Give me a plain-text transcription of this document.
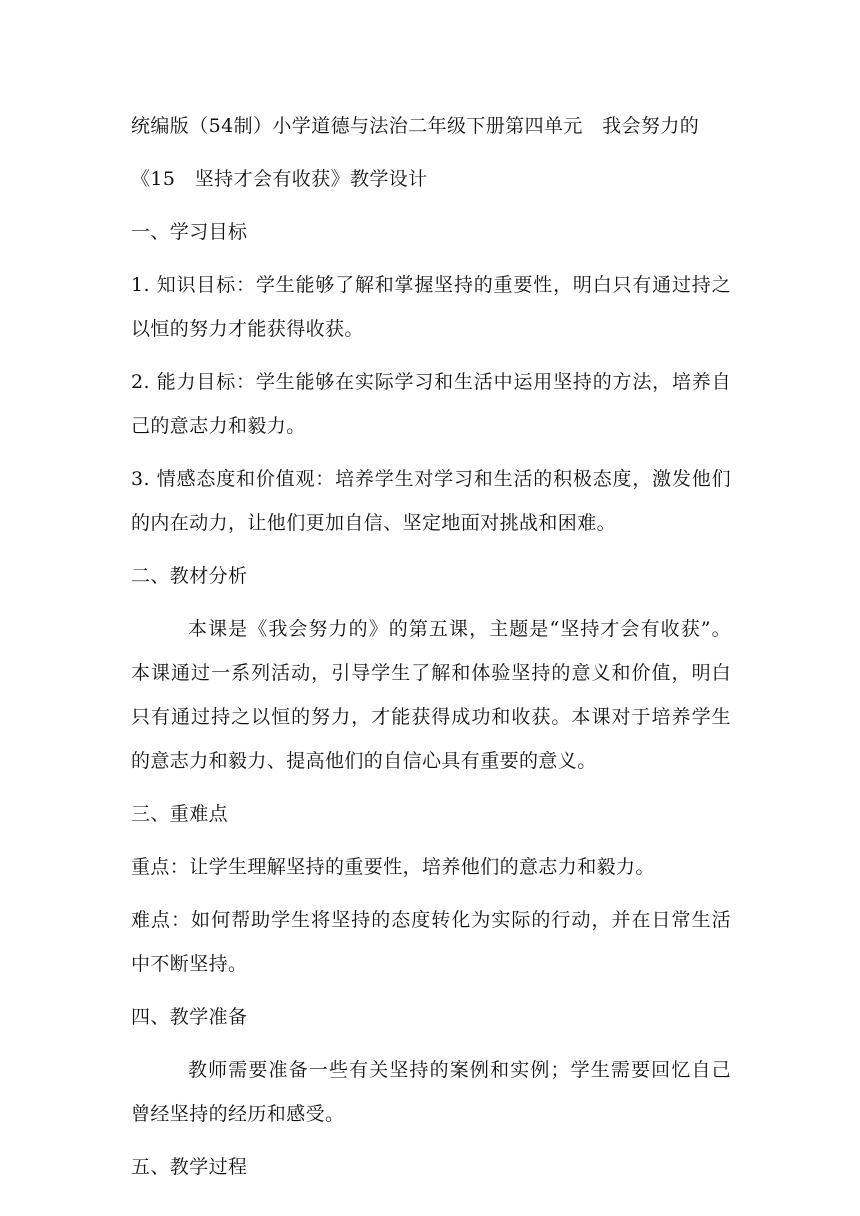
统编版（54制）小学道德与法治二年级下册第四单元　我会努力的
《15　坚持才会有收获》教学设计
一、学习目标
1. 知识目标：学生能够了解和掌握坚持的重要性，明白只有通过持之以恒的努力才能获得收获。
2. 能力目标：学生能够在实际学习和生活中运用坚持的方法，培养自己的意志力和毅力。
3. 情感态度和价值观：培养学生对学习和生活的积极态度，激发他们的内在动力，让他们更加自信、坚定地面对挑战和困难。
二、教材分析
本课是《我会努力的》的第五课，主题是“坚持才会有收获”。本课通过一系列活动，引导学生了解和体验坚持的意义和价值，明白只有通过持之以恒的努力，才能获得成功和收获。本课对于培养学生的意志力和毅力、提高他们的自信心具有重要的意义。
三、重难点
重点：让学生理解坚持的重要性，培养他们的意志力和毅力。
难点：如何帮助学生将坚持的态度转化为实际的行动，并在日常生活中不断坚持。
四、教学准备
教师需要准备一些有关坚持的案例和实例；学生需要回忆自己曾经坚持的经历和感受。
五、教学过程
